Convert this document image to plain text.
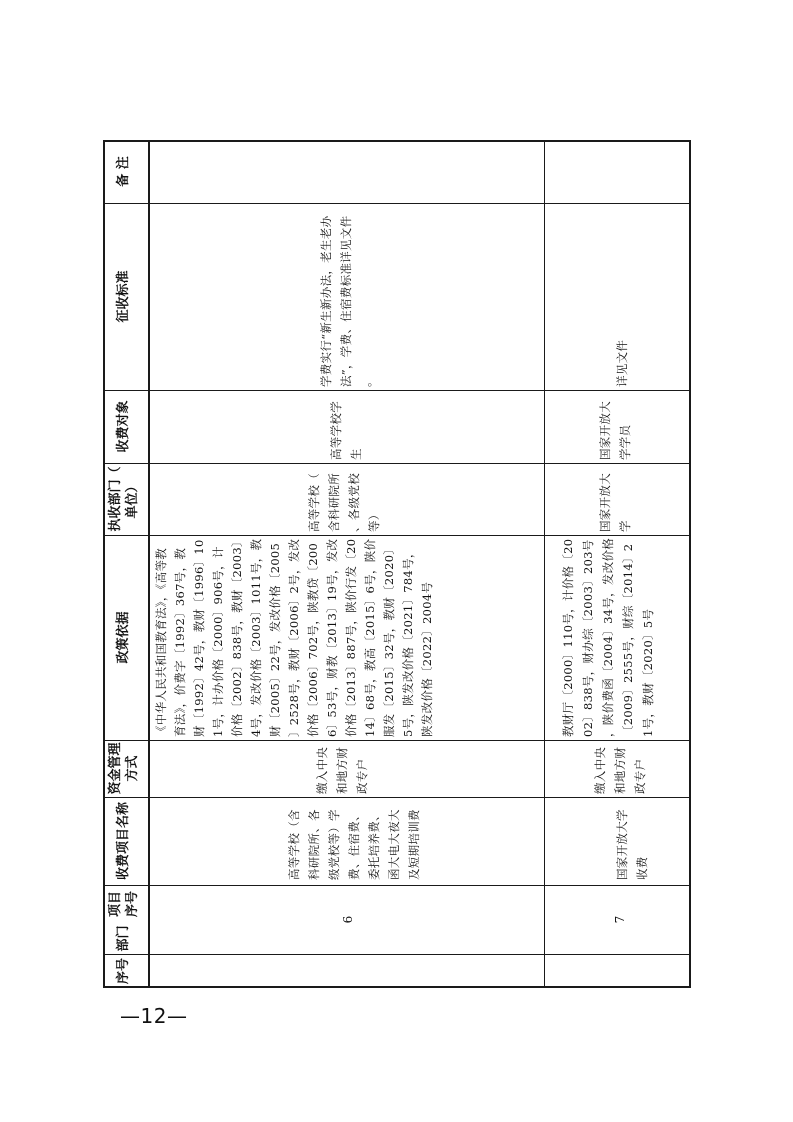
序号
部门
项目序号
收费项目名称
资金管理方式
政策依据
执收部门（单位）
收费对象
征收标准
备 注
6
高等学校（含科研院所、各级党校等）学费、住宿费、委托培养费、函大电大夜大及短期培训费
缴入中央和地方财政专户
《中华人民共和国教育法》，《高等教育法》，价费字〔1992〕367号，教财〔1992〕42号，教财〔1996〕101号，计办价格〔2000〕906号，计价格〔2002〕838号，教财〔2003〕4号，发改价格〔2003〕1011号，教财〔2005〕22号，发改价格〔2005〕2528号，教财〔2006〕2号，发改价格〔2006〕702号，陕教贷〔2006〕53号，财教〔2013〕19号，发改价格〔2013〕887号，陕价行发〔2014〕68号，教高〔2015〕6号，陕价服发〔2015〕32号，教财〔2020〕5号，陕发改价格〔2021〕784号，陕发改价格〔2022〕2004号
高等学校（含科研院所、各级党校等）
高等学校学生
学费实行“新生新办法，老生老办法”，学费、住宿费标准详见文件。
7
国家开放大学收费
缴入中央和地方财政专户
教财厅〔2000〕110号，计价格〔2002〕838号，财办综〔2003〕203号，陕价费函〔2004〕34号，发改价格〔2009〕2555号，财综〔2014〕21号，教财〔2020〕5号
国家开放大学
国家开放大学学员
详见文件
—12—
